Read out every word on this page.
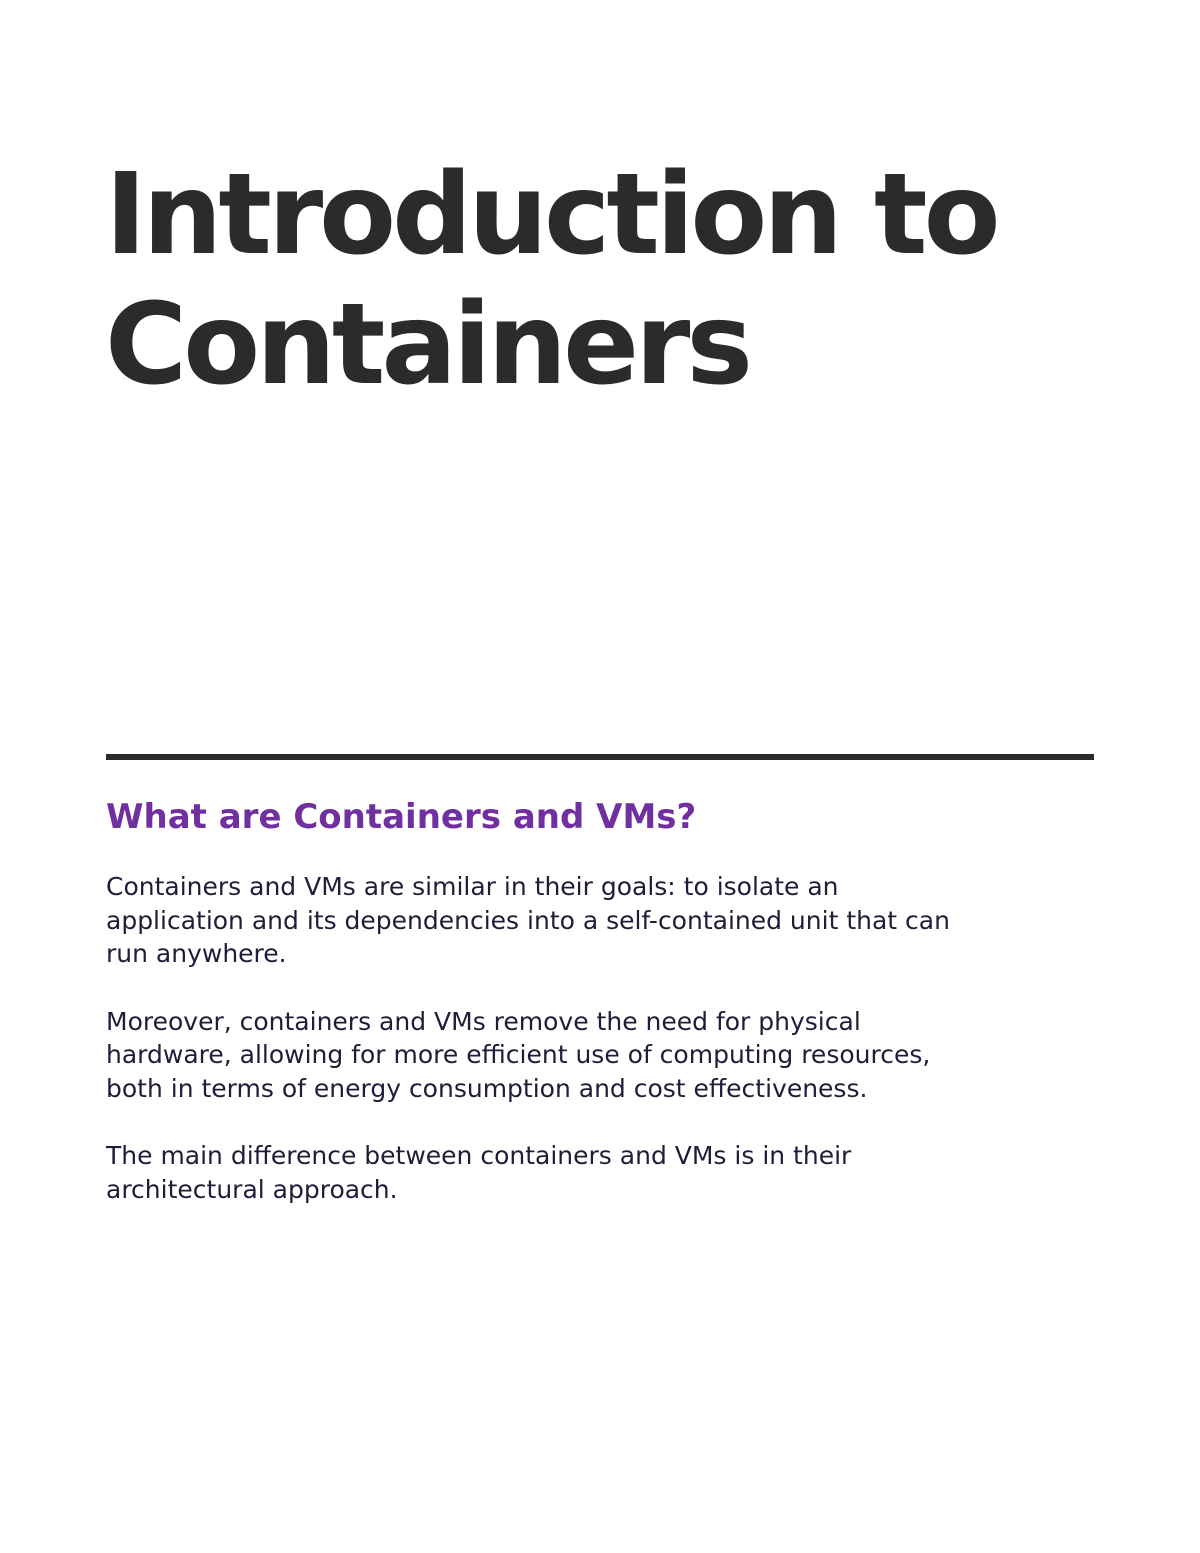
Introduction to
Containers
What are Containers and VMs?

Containers and VMs are similar in their goals: to isolate an
application and its dependencies into a self-contained unit that can
run anywhere.

Moreover, containers and VMs remove the need for physical
hardware, allowing for more efficient use of computing resources,
both in terms of energy consumption and cost effectiveness.

The main difference between containers and VMs is in their
architectural approach.
